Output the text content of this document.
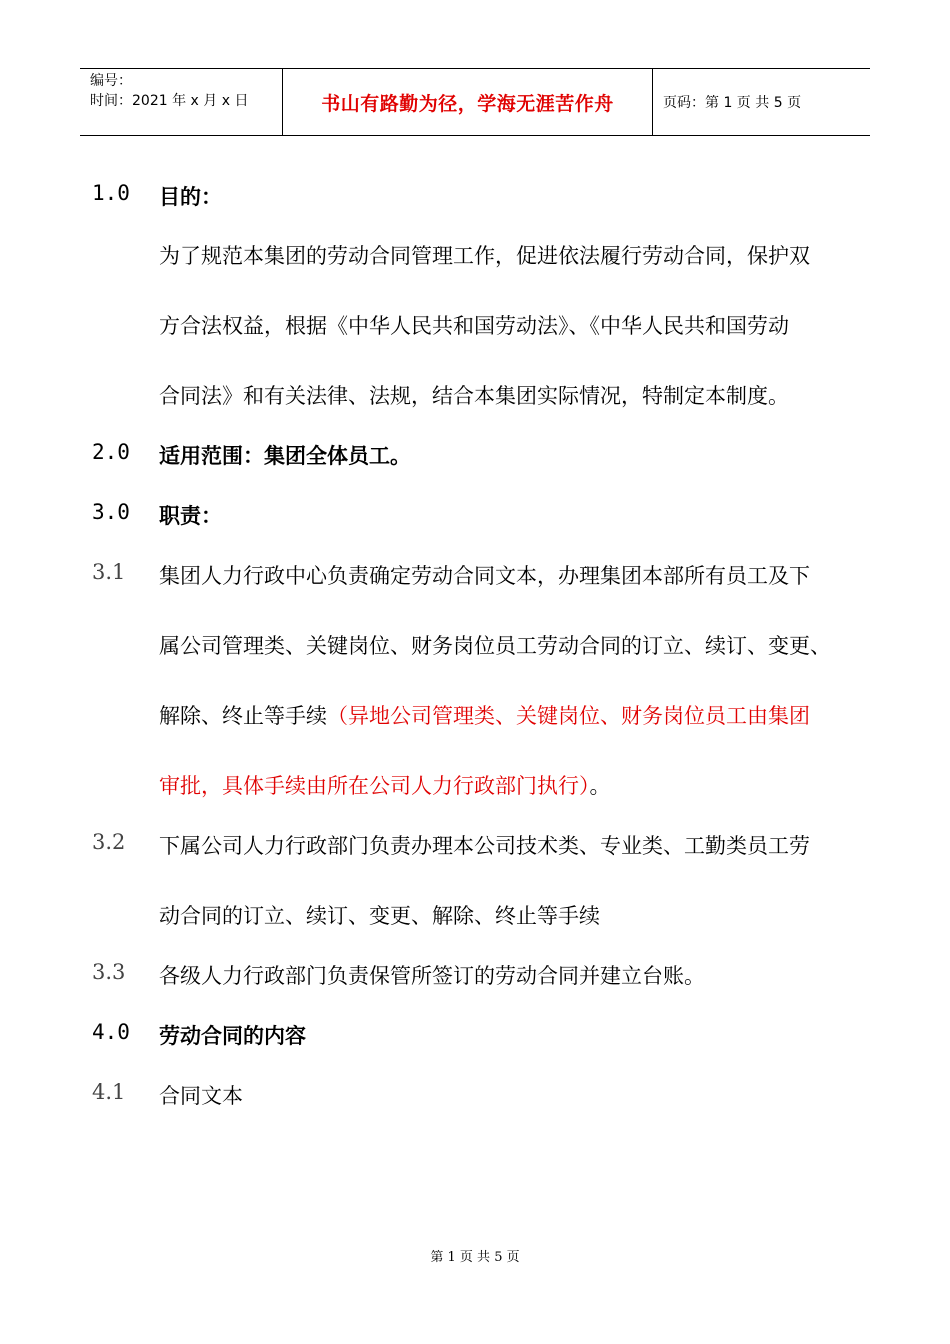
编号：
时间：2021 年 x 月 x 日	书山有路勤为径，学海无涯苦作舟	页码：第 1 页 共 5 页
1.0	目的：
为了规范本集团的劳动合同管理工作，促进依法履行劳动合同，保护双
方合法权益，根据《中华人民共和国劳动法》、《中华人民共和国劳动
合同法》和有关法律、法规，结合本集团实际情况，特制定本制度。
2.0	适用范围：集团全体员工。
3.0	职责：
3.1	集团人力行政中心负责确定劳动合同文本，办理集团本部所有员工及下
属公司管理类、关键岗位、财务岗位员工劳动合同的订立、续订、变更、
解除、终止等手续（异地公司管理类、关键岗位、财务岗位员工由集团
审批，具体手续由所在公司人力行政部门执行）。
3.2	下属公司人力行政部门负责办理本公司技术类、专业类、工勤类员工劳
动合同的订立、续订、变更、解除、终止等手续
3.3	各级人力行政部门负责保管所签订的劳动合同并建立台账。
4.0	劳动合同的内容
4.1	合同文本
第 1 页 共 5 页
